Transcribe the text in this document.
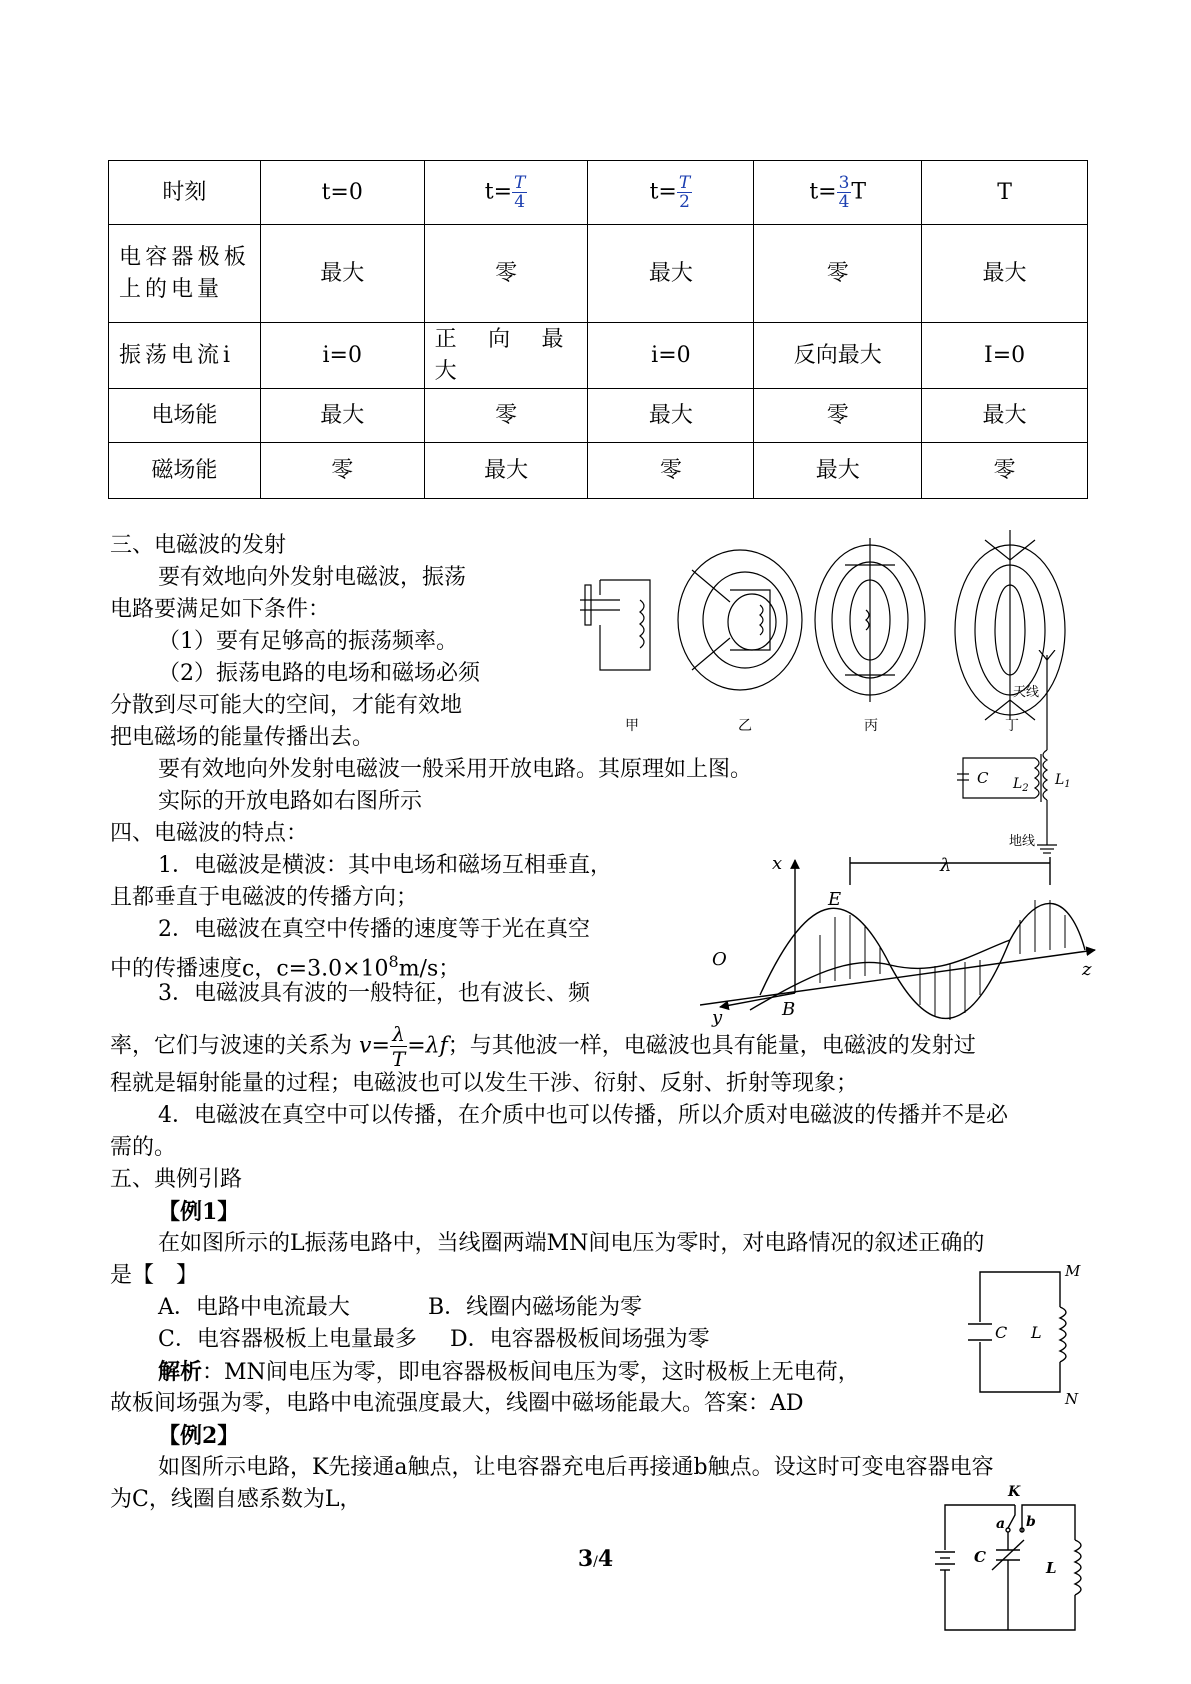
时刻	t=0	$t= \frac{T}{4}$	$t= \frac{T}{2}$	$t= \frac{3}{4}$ T	T
电容器极板上的电量	最大	零	最大	零	最大
振荡电流i	i=0	正向最大	i=0	反向最大	I=0
电场能	最大	零	最大	零	最大
磁场能	零	最大	零	最大	零
三、电磁波的发射
要有效地向外发射电磁波，振荡
电路要满足如下条件：
（1）要有足够高的振荡频率。
（2）振荡电路的电场和磁场必须
分散到尽可能大的空间，才能有效地
把电磁场的能量传播出去。
要有效地向外发射电磁波一般采用开放电路。其原理如上图。
实际的开放电路如右图所示
甲	乙	丙	丁
天线
C $L_2$
$L_1$
地线
四、电磁波的特点：
1．电磁波是横波：其中电场和磁场互相垂直，
且都垂直于电磁波的传播方向；
2．电磁波在真空中传播的速度等于光在真空
中的传播速度c，$c=3.0\times 10^8m/s$；
3．电磁波具有波的一般特征，也有波长、频
率，它们与波速的关系为 $v= \frac{\lambda}{T} =\lambda f$；与其他波一样，电磁波也具有能量，电磁波的发射过
程就是辐射能量的过程；电磁波也可以发生干涉、衍射、反射、折射等现象；
4．电磁波在真空中可以传播，在介质中也可以传播，所以介质对电磁波的传播并不是必
需的。
y
O
x
z
E
B
λ
五、典例引路
【例1】
在如图所示的L振荡电路中，当线圈两端MN间电压为零时，对电路情况的叙述正确的
是【　】
A．电路中电流最大	B．线圈内磁场能为零
C．电容器极板上电量最多 D．电容器极板间场强为零
解析：MN间电压为零，即电容器极板间电压为零，这时极板上无电荷，
故板间场强为零，电路中电流强度最大，线圈中磁场能最大。答案：AD
【例2】
如图所示电路，K先接通a触点，让电容器充电后再接通b触点。设这时可变电容器电容
为C，线圈自感系数为L，
M
N
C L
K
a b
C
L
3/4
